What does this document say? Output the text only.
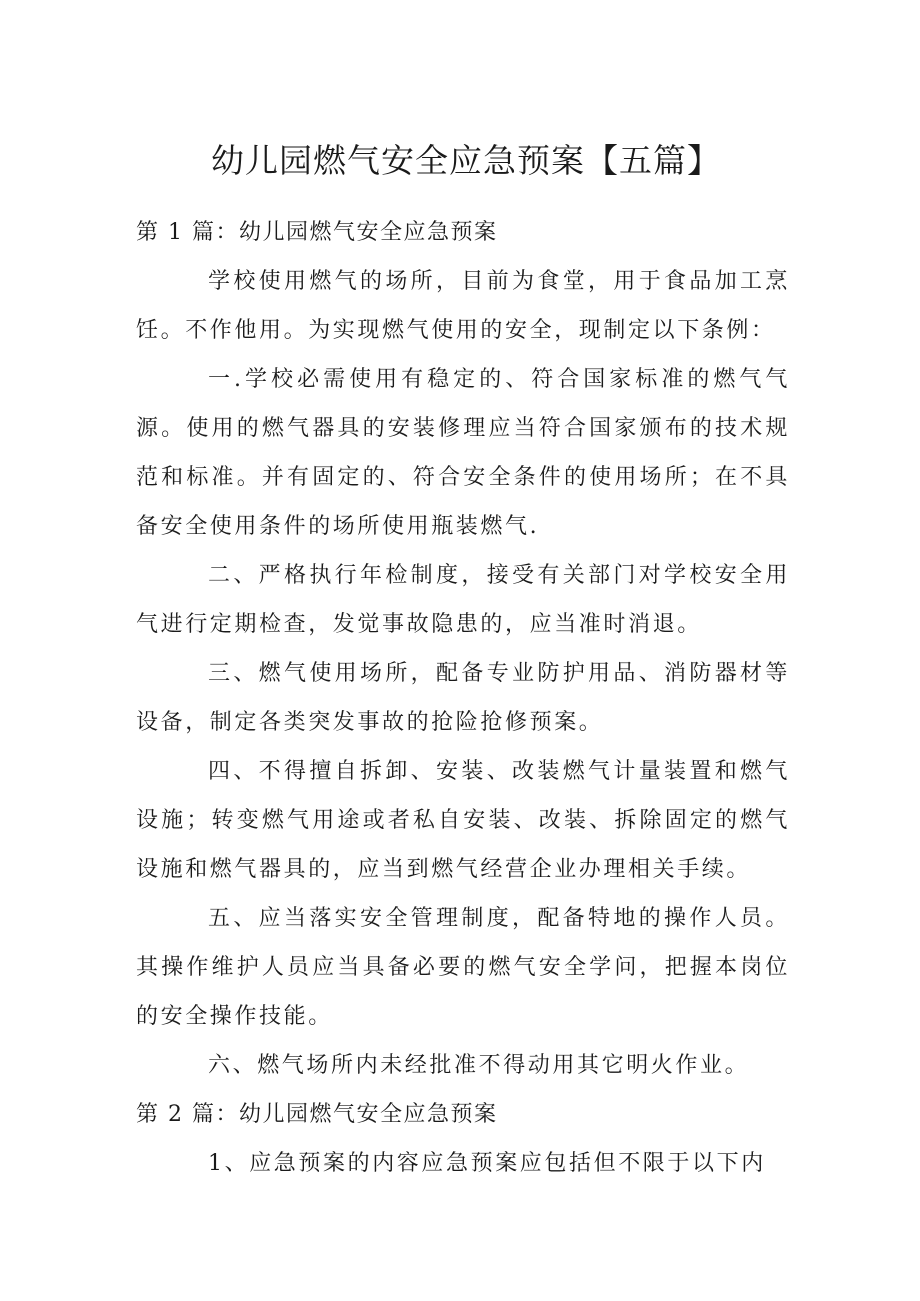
幼儿园燃气安全应急预案【五篇】

第 1 篇：幼儿园燃气安全应急预案

学校使用燃气的场所，目前为食堂，用于食品加工烹饪。不作他用。为实现燃气使用的安全，现制定以下条例：

一.学校必需使用有稳定的、符合国家标准的燃气气源。使用的燃气器具的安装修理应当符合国家颁布的技术规范和标准。并有固定的、符合安全条件的使用场所；在不具备安全使用条件的场所使用瓶装燃气.

二、严格执行年检制度，接受有关部门对学校安全用气进行定期检查，发觉事故隐患的，应当准时消退。

三、燃气使用场所，配备专业防护用品、消防器材等设备，制定各类突发事故的抢险抢修预案。

四、不得擅自拆卸、安装、改装燃气计量装置和燃气设施；转变燃气用途或者私自安装、改装、拆除固定的燃气设施和燃气器具的，应当到燃气经营企业办理相关手续。

五、应当落实安全管理制度，配备特地的操作人员。其操作维护人员应当具备必要的燃气安全学问，把握本岗位的安全操作技能。

六、燃气场所内未经批准不得动用其它明火作业。

第 2 篇：幼儿园燃气安全应急预案

1、应急预案的内容应急预案应包括但不限于以下内
